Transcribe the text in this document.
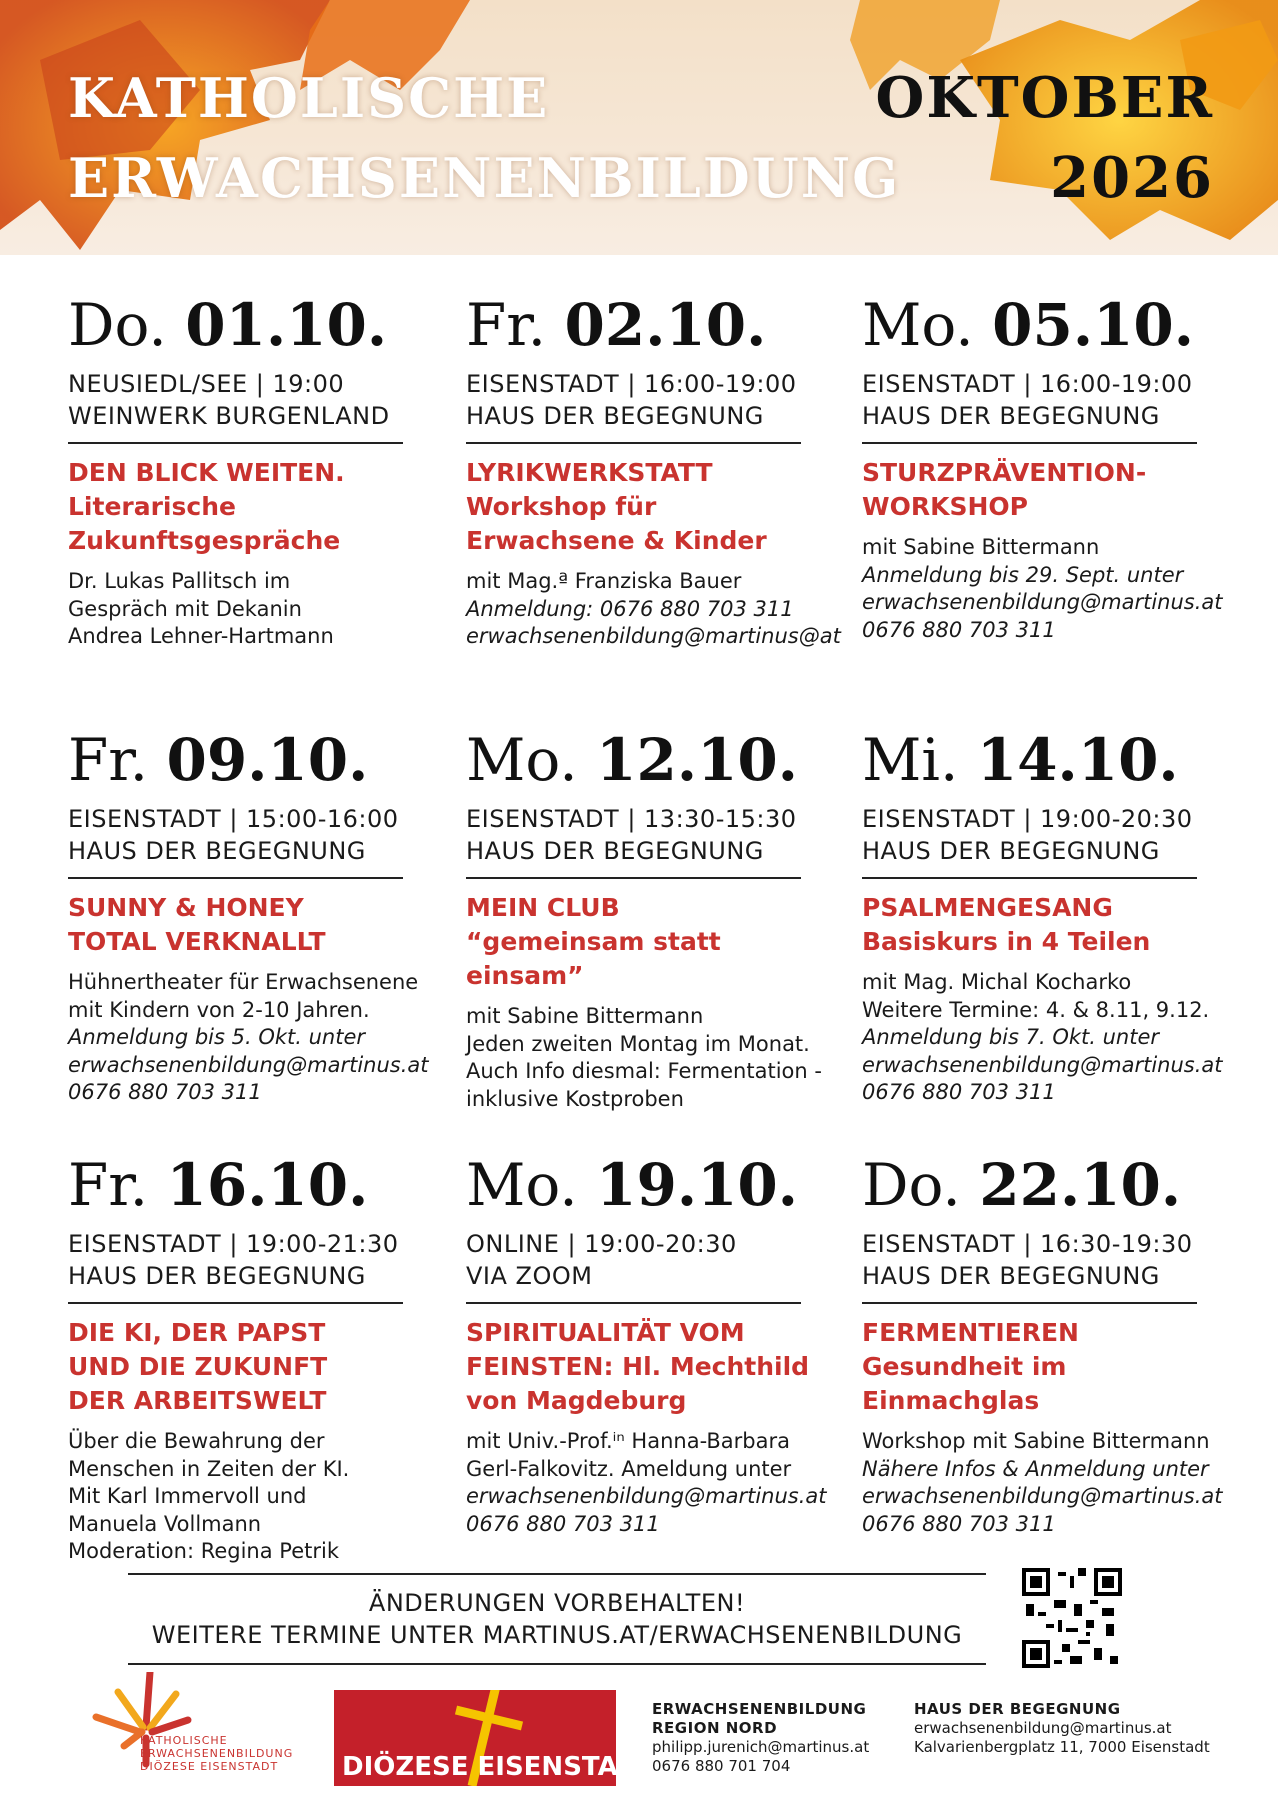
KATHOLISCHE
ERWACHSENENBILDUNG
OKTOBER
2026
Do. 01.10.
NEUSIEDL/SEE | 19:00
WEINWERK BURGENLAND
DEN BLICK WEITEN.
Literarische
Zukunftsgespräche
Dr. Lukas Pallitsch im
Gespräch mit Dekanin
Andrea Lehner-Hartmann
Fr. 02.10.
EISENSTADT | 16:00-19:00
HAUS DER BEGEGNUNG
LYRIKWERKSTATT
Workshop für
Erwachsene & Kinder
mit Mag.ª Franziska Bauer
Anmeldung: 0676 880 703 311
erwachsenenbildung@martinus@at
Mo. 05.10.
EISENSTADT | 16:00-19:00
HAUS DER BEGEGNUNG
STURZPRÄVENTION-
WORKSHOP
mit Sabine Bittermann
Anmeldung bis 29. Sept. unter
erwachsenenbildung@martinus.at
0676 880 703 311
Fr. 09.10.
EISENSTADT | 15:00-16:00
HAUS DER BEGEGNUNG
SUNNY & HONEY
TOTAL VERKNALLT
Hühnertheater für Erwachsenene
mit Kindern von 2-10 Jahren.
Anmeldung bis 5. Okt. unter
erwachsenenbildung@martinus.at
0676 880 703 311
Mo. 12.10.
EISENSTADT | 13:30-15:30
HAUS DER BEGEGNUNG
MEIN CLUB
“gemeinsam statt einsam”
mit Sabine Bittermann
Jeden zweiten Montag im Monat.
Auch Info diesmal: Fermentation -
inklusive Kostproben
Mi. 14.10.
EISENSTADT | 19:00-20:30
HAUS DER BEGEGNUNG
PSALMENGESANG
Basiskurs in 4 Teilen
mit Mag. Michal Kocharko
Weitere Termine: 4. & 8.11, 9.12.
Anmeldung bis 7. Okt. unter
erwachsenenbildung@martinus.at
0676 880 703 311
Fr. 16.10.
EISENSTADT | 19:00-21:30
HAUS DER BEGEGNUNG
DIE KI, DER PAPST
UND DIE ZUKUNFT
DER ARBEITSWELT
Über die Bewahrung der
Menschen in Zeiten der KI.
Mit Karl Immervoll und
Manuela Vollmann
Moderation: Regina Petrik
Mo. 19.10.
ONLINE | 19:00-20:30
VIA ZOOM
SPIRITUALITÄT VOM
FEINSTEN: Hl. Mechthild
von Magdeburg
mit Univ.-Prof.ⁱⁿ Hanna-Barbara
Gerl-Falkovitz. Ameldung unter
erwachsenenbildung@martinus.at
0676 880 703 311
Do. 22.10.
EISENSTADT | 16:30-19:30
HAUS DER BEGEGNUNG
FERMENTIEREN
Gesundheit im
Einmachglas
Workshop mit Sabine Bittermann
Nähere Infos & Anmeldung unter
erwachsenenbildung@martinus.at
0676 880 703 311
ÄNDERUNGEN VORBEHALTEN!
WEITERE TERMINE UNTER MARTINUS.AT/ERWACHSENENBILDUNG
KATHOLISCHE
ERWACHSENENBILDUNG
DIÖZESE EISENSTADT	DIÖZESE EISENSTADT
ERWACHSENENBILDUNG
REGION NORD
philipp.jurenich@martinus.at
0676 880 701 704
HAUS DER BEGEGNUNG
erwachsenenbildung@martinus.at
Kalvarienbergplatz 11, 7000 Eisenstadt
